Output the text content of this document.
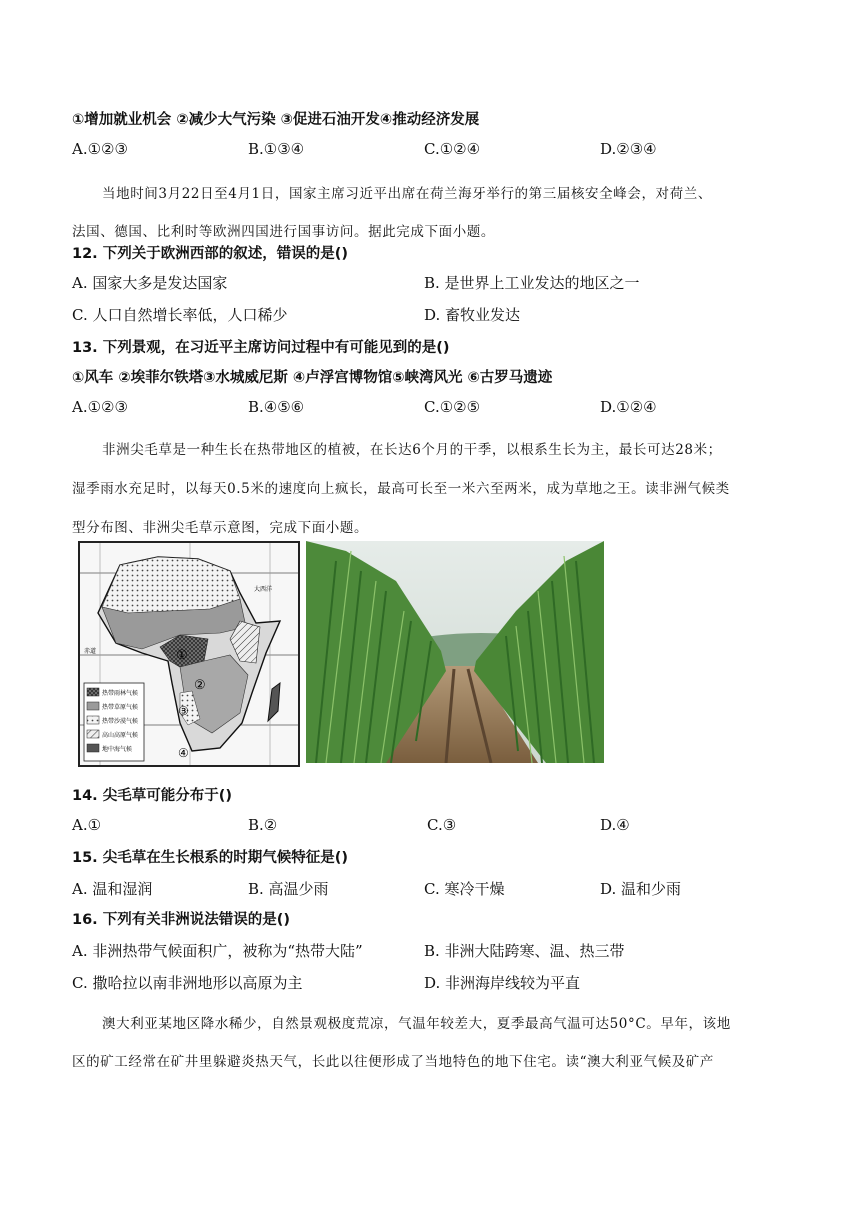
①增加就业机会 ②减少大气污染 ③促进石油开发④推动经济发展
A.①②③	B.①③④	C.①②④	D.②③④
当地时间3月22日至4月1日，国家主席习近平出席在荷兰海牙举行的第三届核安全峰会，对荷兰、
法国、德国、比利时等欧洲四国进行国事访问。据此完成下面小题。
12. 下列关于欧洲西部的叙述，错误的是()
A. 国家大多是发达国家	B. 是世界上工业发达的地区之一
C. 人口自然增长率低，人口稀少	D. 畜牧业发达
13. 下列景观，在习近平主席访问过程中有可能见到的是()
①风车 ②埃菲尔铁塔③水城威尼斯 ④卢浮宫博物馆⑤峡湾风光 ⑥古罗马遗迹
A.①②③	B.④⑤⑥	C.①②⑤	D.①②④
非洲尖毛草是一种生长在热带地区的植被，在长达6个月的干季，以根系生长为主，最长可达28米；
湿季雨水充足时，以每天0.5米的速度向上疯长，最高可长至一米六至两米，成为草地之王。读非洲气候类
型分布图、非洲尖毛草示意图，完成下面小题。
①
②
③
④
赤道
大西洋
热带雨林气候
热带草原气候
热带沙漠气候
高山高原气候
地中海气候
14. 尖毛草可能分布于()
A.①	B.②	C.③	D.④
15. 尖毛草在生长根系的时期气候特征是()
A. 温和湿润	B. 高温少雨	C. 寒冷干燥	D. 温和少雨
16. 下列有关非洲说法错误的是()
A. 非洲热带气候面积广，被称为“热带大陆”	B. 非洲大陆跨寒、温、热三带
C. 撒哈拉以南非洲地形以高原为主	D. 非洲海岸线较为平直
澳大利亚某地区降水稀少，自然景观极度荒凉，气温年较差大，夏季最高气温可达50°C。早年，该地
区的矿工经常在矿井里躲避炎热天气，长此以往便形成了当地特色的地下住宅。读“澳大利亚气候及矿产
